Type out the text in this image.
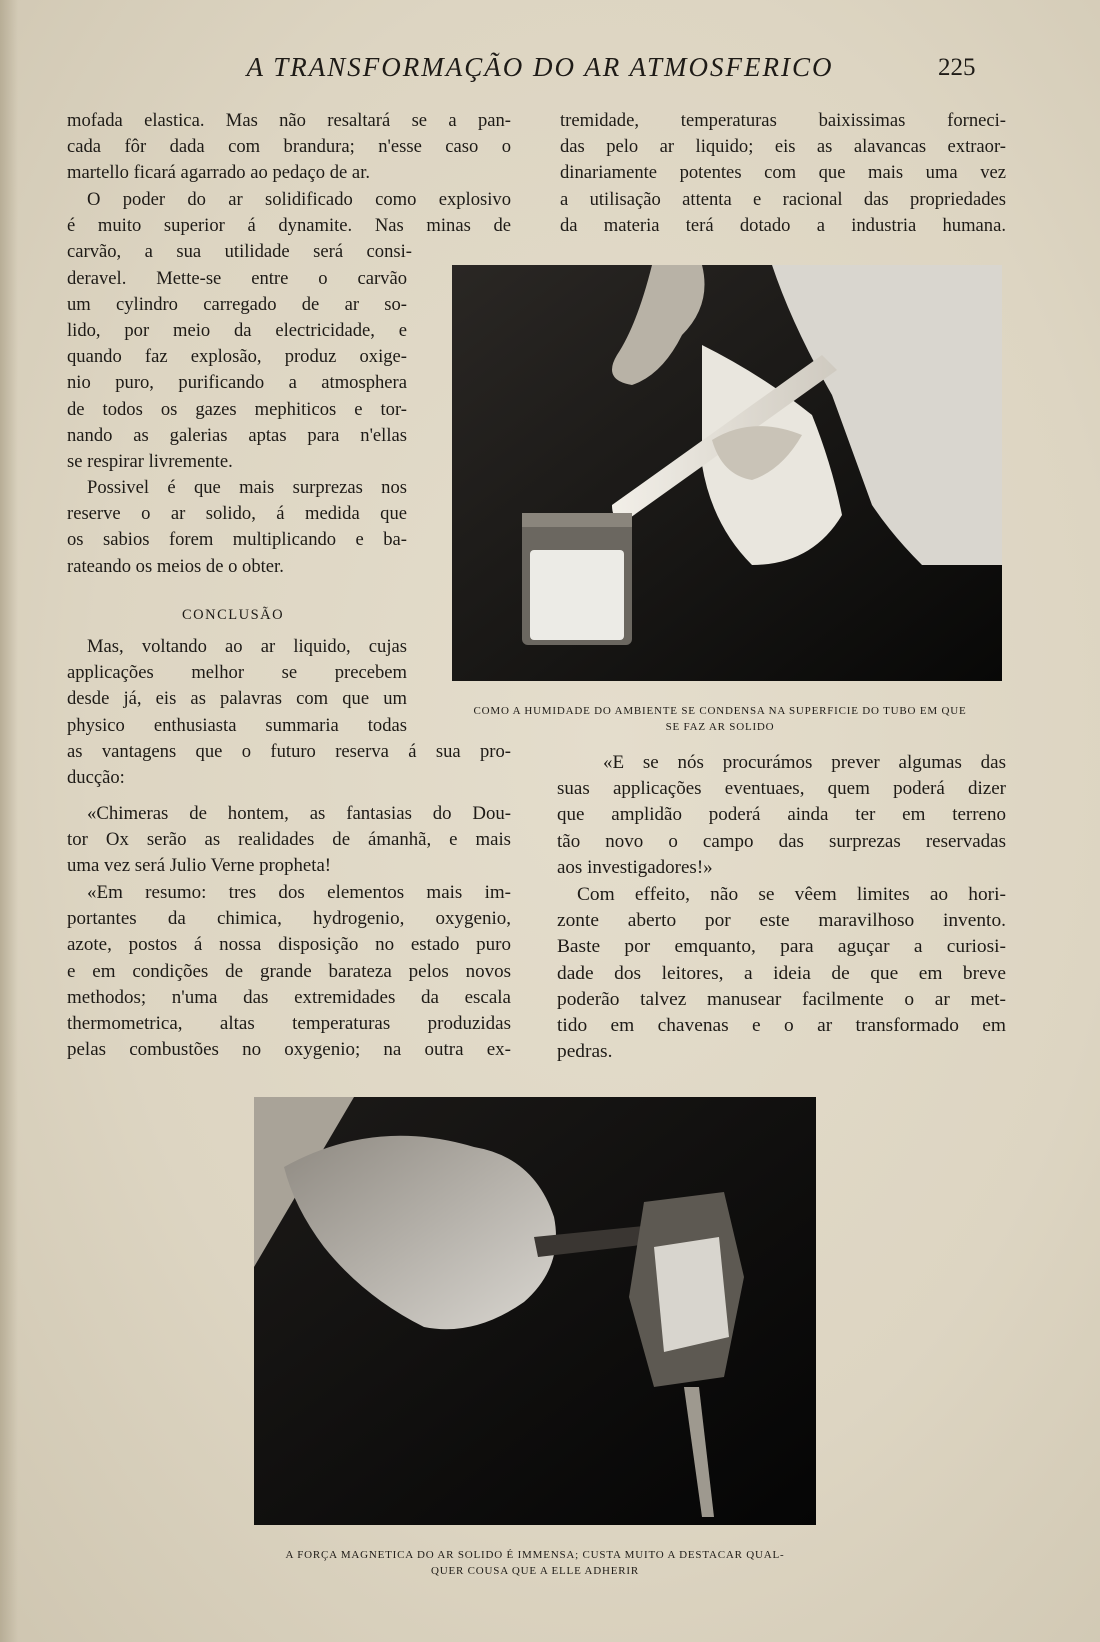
A TRANSFORMAÇÃO DO AR ATMOSFERICO	225
mofada elastica. Mas não resaltará se a pan-
cada fôr dada com brandura; n'esse caso o
martello ficará agarrado ao pedaço de ar.
O poder do ar solidificado como explosivo
é muito superior á dynamite. Nas minas de
carvão, a sua utilidade será consi-
deravel. Mette-se entre o carvão
um cylindro carregado de ar so-
lido, por meio da electricidade, e
quando faz explosão, produz oxige-
nio puro, purificando a atmosphera
de todos os gazes mephiticos e tor-
nando as galerias aptas para n'ellas
se respirar livremente.
Possivel é que mais surprezas nos
reserve o ar solido, á medida que
os sabios forem multiplicando e ba-
rateando os meios de o obter.
CONCLUSÃO
Mas, voltando ao ar liquido, cujas
applicações melhor se precebem
desde já, eis as palavras com que um
physico enthusiasta summaria todas
as vantagens que o futuro reserva á sua pro-
ducção:
«Chimeras de hontem, as fantasias do Dou-
tor Ox serão as realidades de ámanhã, e mais
uma vez será Julio Verne propheta!
«Em resumo: tres dos elementos mais im-
portantes da chimica, hydrogenio, oxygenio,
azote, postos á nossa disposição no estado puro
e em condições de grande barateza pelos novos
methodos; n'uma das extremidades da escala
thermometrica, altas temperaturas produzidas
pelas combustões no oxygenio; na outra ex-
tremidade, temperaturas baixissimas forneci-
das pelo ar liquido; eis as alavancas extraor-
dinariamente potentes com que mais uma vez
a utilisação attenta e racional das propriedades
da materia terá dotado a industria humana.
COMO A HUMIDADE DO AMBIENTE SE CONDENSA NA SUPERFICIE DO TUBO EM QUE
SE FAZ AR SOLIDO
«E se nós procurámos prever algumas das
suas applicações eventuaes, quem poderá dizer
que amplidão poderá ainda ter em terreno
tão novo o campo das surprezas reservadas
aos investigadores!»
Com effeito, não se vêem limites ao hori-
zonte aberto por este maravilhoso invento.
Baste por emquanto, para aguçar a curiosi-
dade dos leitores, a ideia de que em breve
poderão talvez manusear facilmente o ar met-
tido em chavenas e o ar transformado em
pedras.
A FORÇA MAGNETICA DO AR SOLIDO É IMMENSA; CUSTA MUITO A DESTACAR QUAL-
QUER COUSA QUE A ELLE ADHERIR
